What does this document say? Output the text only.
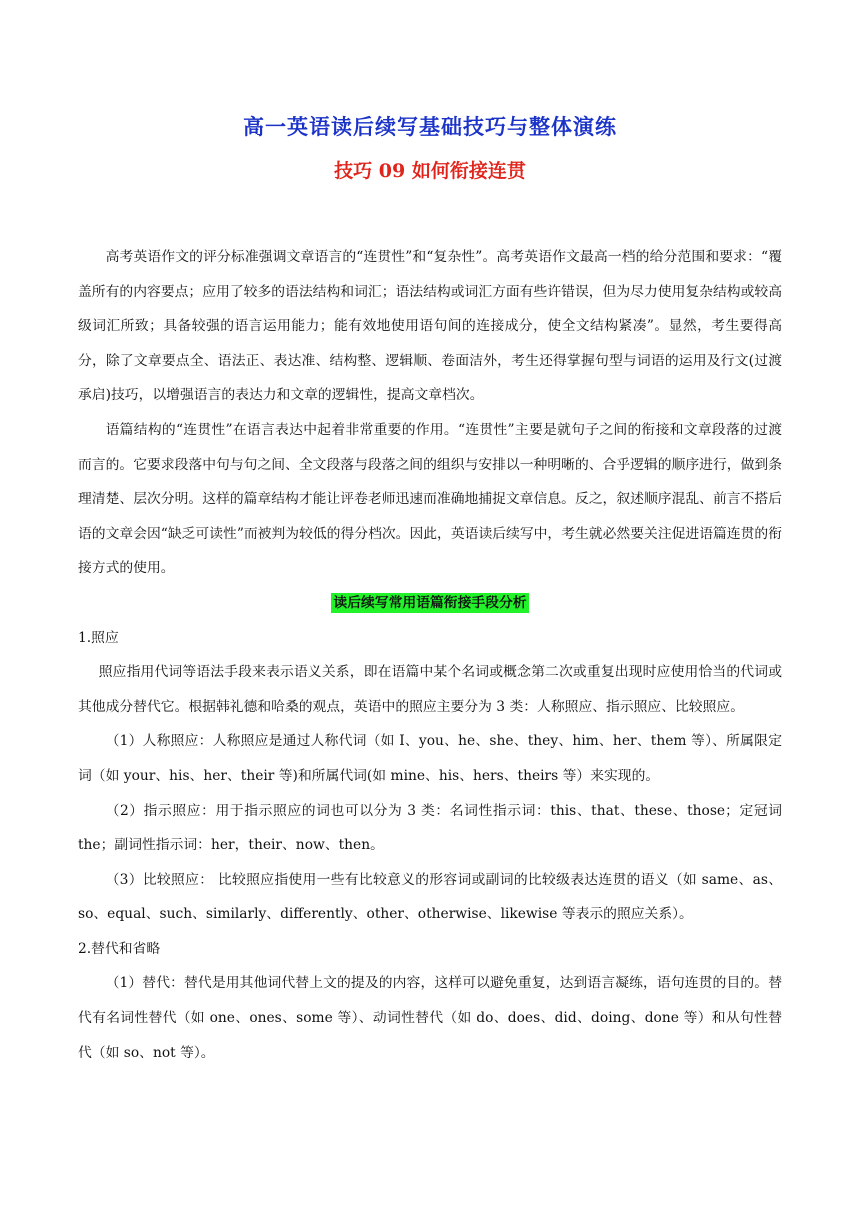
高一英语读后续写基础技巧与整体演练
技巧 09 如何衔接连贯

高考英语作文的评分标准强调文章语言的“连贯性”和“复杂性”。高考英语作文最高一档的给分范围和要求：“覆盖所有的内容要点；应用了较多的语法结构和词汇；语法结构或词汇方面有些许错误，但为尽力使用复杂结构或较高级词汇所致；具备较强的语言运用能力；能有效地使用语句间的连接成分，使全文结构紧凑”。显然，考生要得高分，除了文章要点全、语法正、表达准、结构整、逻辑顺、卷面洁外，考生还得掌握句型与词语的运用及行文(过渡承启)技巧，以增强语言的表达力和文章的逻辑性，提高文章档次。

语篇结构的“连贯性”在语言表达中起着非常重要的作用。“连贯性”主要是就句子之间的衔接和文章段落的过渡而言的。它要求段落中句与句之间、全文段落与段落之间的组织与安排以一种明晰的、合乎逻辑的顺序进行，做到条理清楚、层次分明。这样的篇章结构才能让评卷老师迅速而准确地捕捉文章信息。反之，叙述顺序混乱、前言不搭后语的文章会因“缺乏可读性”而被判为较低的得分档次。因此，英语读后续写中，考生就必然要关注促进语篇连贯的衔接方式的使用。

读后续写常用语篇衔接手段分析

1.照应

照应指用代词等语法手段来表示语义关系，即在语篇中某个名词或概念第二次或重复出现时应使用恰当的代词或其他成分替代它。根据韩礼德和哈桑的观点，英语中的照应主要分为 3 类：人称照应、指示照应、比较照应。

（1）人称照应：人称照应是通过人称代词（如 I、you、he、she、they、him、her、them 等）、所属限定词（如 your、his、her、their 等)和所属代词(如 mine、his、hers、theirs 等）来实现的。

（2）指示照应：用于指示照应的词也可以分为 3 类：名词性指示词：this、that、these、those；定冠词 the；副词性指示词：her，their、now、then。

（3）比较照应： 比较照应指使用一些有比较意义的形容词或副词的比较级表达连贯的语义（如 same、as、so、equal、such、similarly、differently、other、otherwise、likewise 等表示的照应关系）。

2.替代和省略

（1）替代：替代是用其他词代替上文的提及的内容，这样可以避免重复，达到语言凝练，语句连贯的目的。替代有名词性替代（如 one、ones、some 等）、动词性替代（如 do、does、did、doing、done 等）和从句性替代（如 so、not 等）。
